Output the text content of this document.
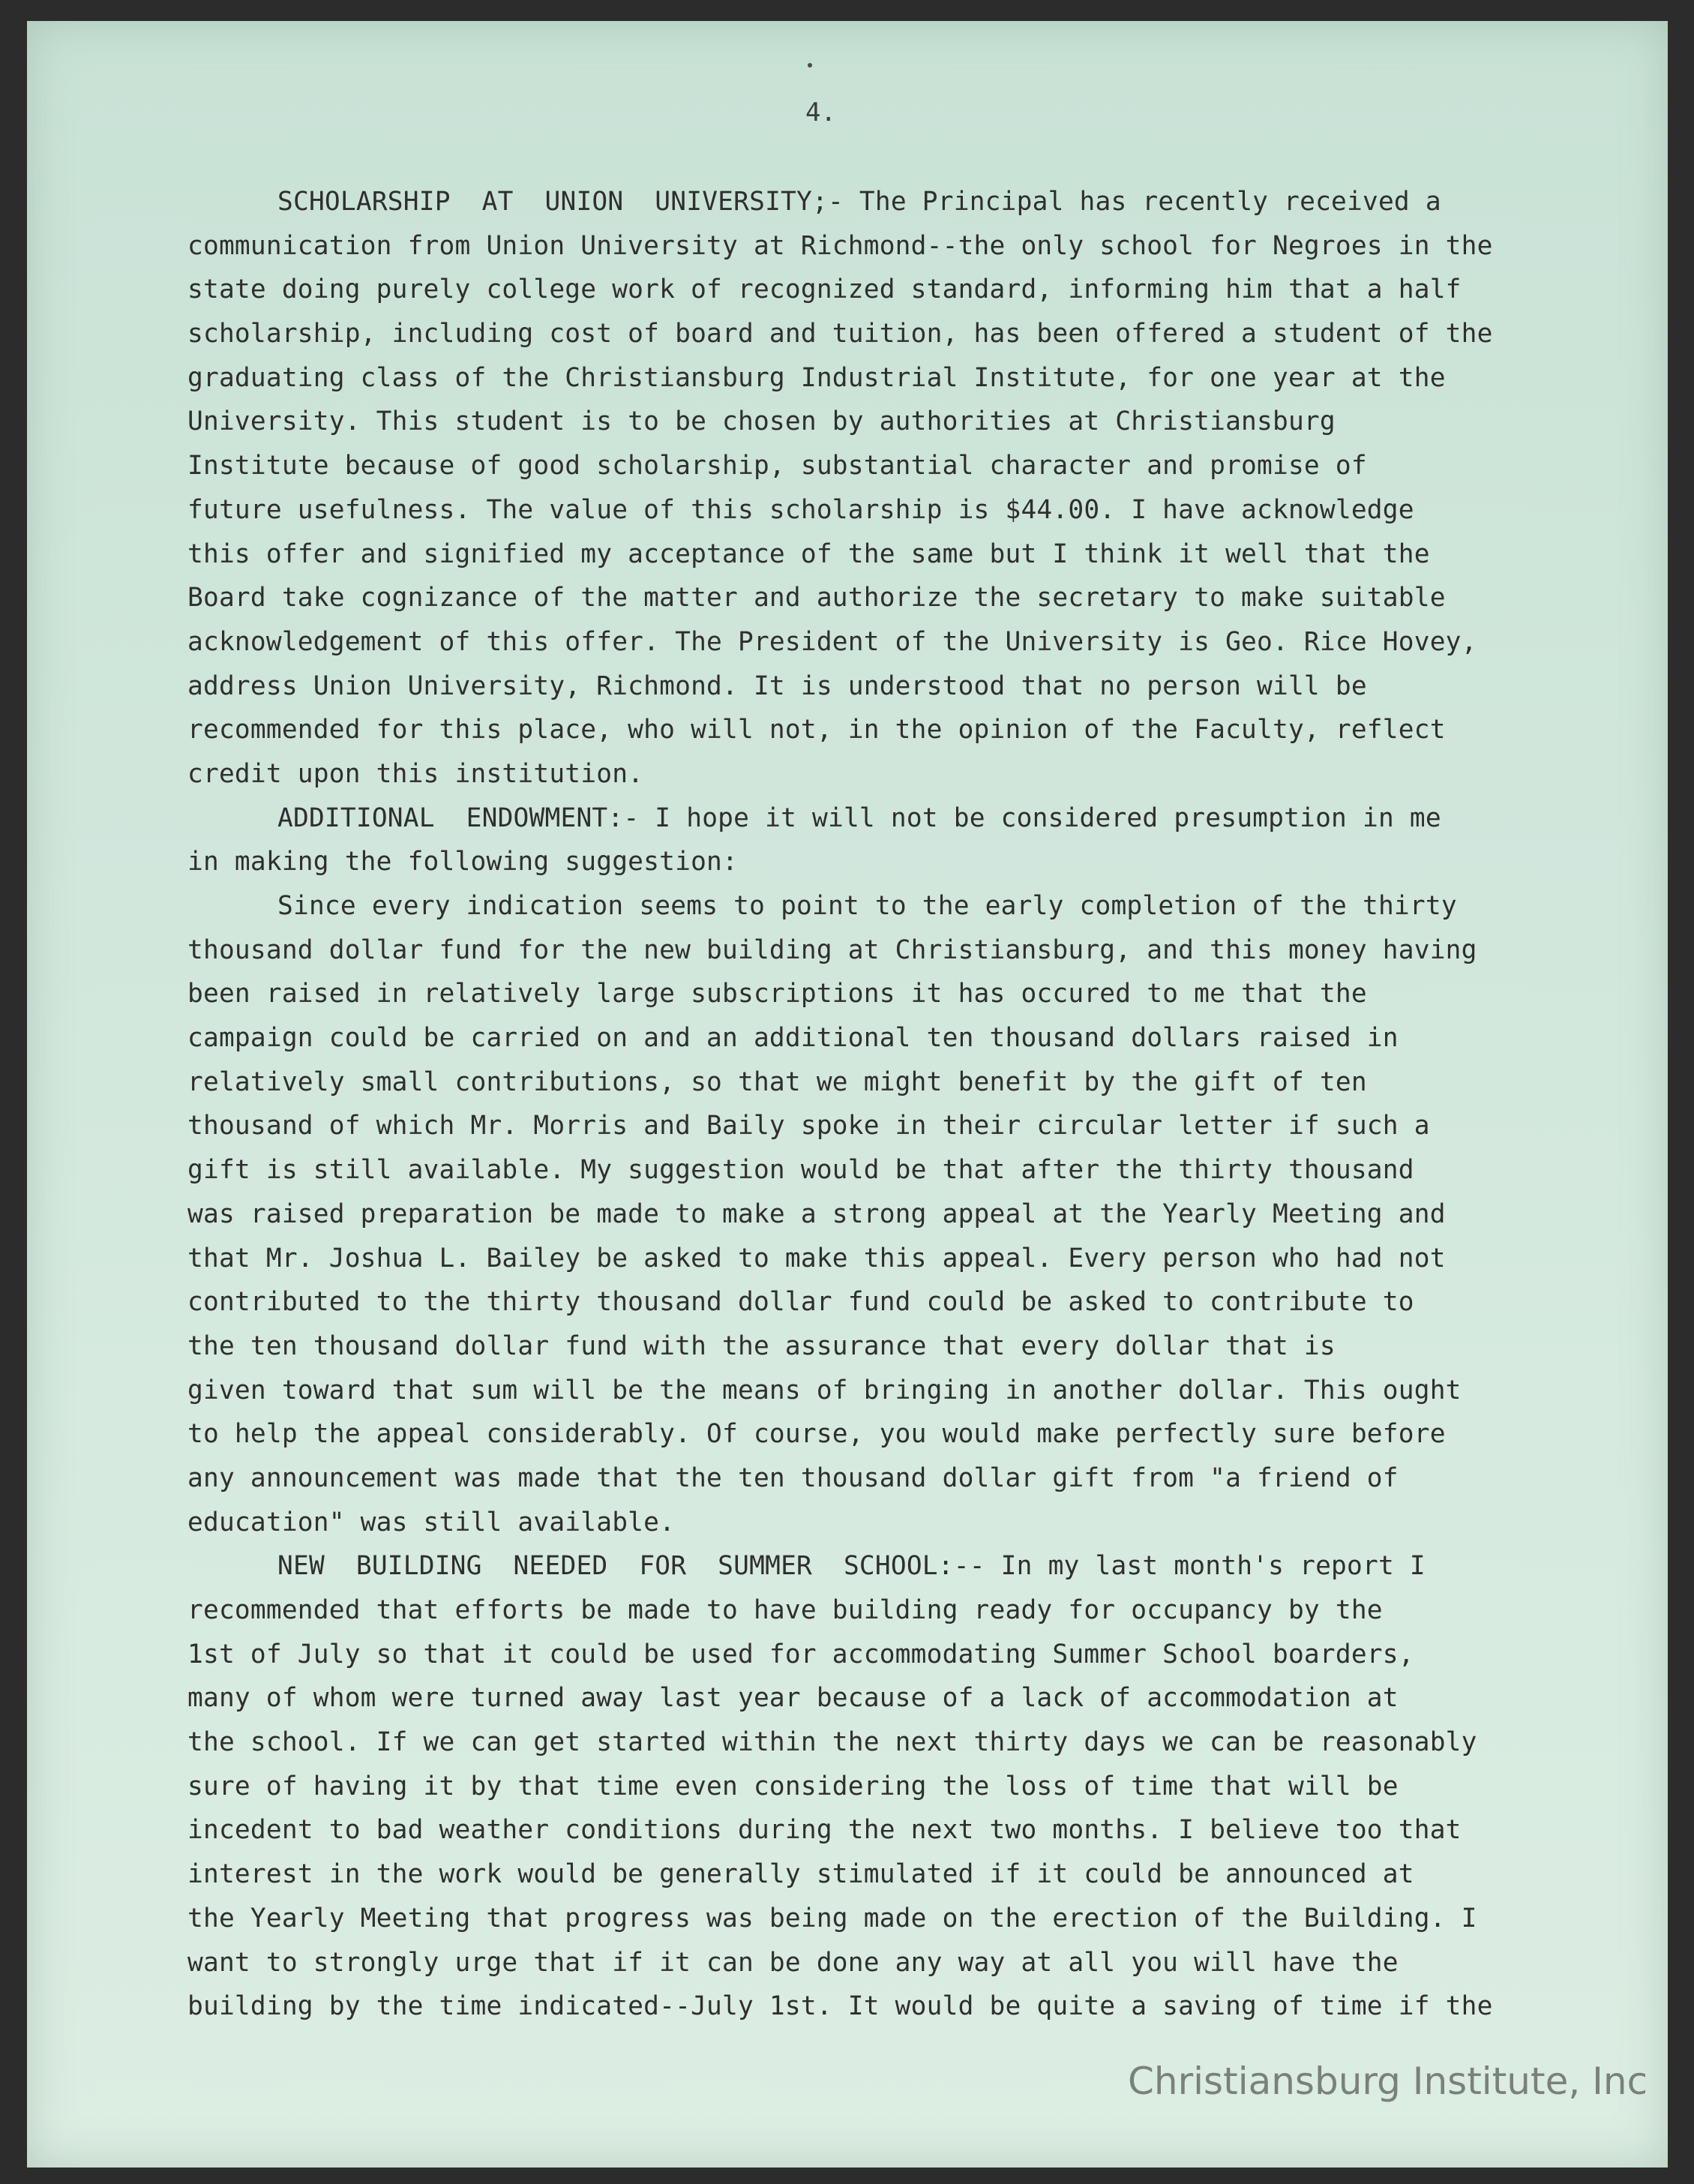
4.
SCHOLARSHIP  AT  UNION  UNIVERSITY;- The Principal has recently received a
communication from Union University at Richmond--the only school for Negroes in the
state doing purely college work of recognized standard, informing him that a half
scholarship, including cost of board and tuition, has been offered a student of the
graduating class of the Christiansburg Industrial Institute, for one year at the
University. This student is to be chosen by authorities at Christiansburg
Institute because of good scholarship, substantial character and promise of
future usefulness. The value of this scholarship is $44.00. I have acknowledge
this offer and signified my acceptance of the same but I think it well that the
Board take cognizance of the matter and authorize the secretary to make suitable
acknowledgement of this offer. The President of the University is Geo. Rice Hovey,
address Union University, Richmond. It is understood that no person will be
recommended for this place, who will not, in the opinion of the Faculty, reflect
credit upon this institution.
ADDITIONAL  ENDOWMENT:- I hope it will not be considered presumption in me
in making the following suggestion:
Since every indication seems to point to the early completion of the thirty
thousand dollar fund for the new building at Christiansburg, and this money having
been raised in relatively large subscriptions it has occured to me that the
campaign could be carried on and an additional ten thousand dollars raised in
relatively small contributions, so that we might benefit by the gift of ten
thousand of which Mr. Morris and Baily spoke in their circular letter if such a
gift is still available. My suggestion would be that after the thirty thousand
was raised preparation be made to make a strong appeal at the Yearly Meeting and
that Mr. Joshua L. Bailey be asked to make this appeal. Every person who had not
contributed to the thirty thousand dollar fund could be asked to contribute to
the ten thousand dollar fund with the assurance that every dollar that is
given toward that sum will be the means of bringing in another dollar. This ought
to help the appeal considerably. Of course, you would make perfectly sure before
any announcement was made that the ten thousand dollar gift from "a friend of
education" was still available.
NEW  BUILDING  NEEDED  FOR  SUMMER  SCHOOL:-- In my last month's report I
recommended that efforts be made to have building ready for occupancy by the
1st of July so that it could be used for accommodating Summer School boarders,
many of whom were turned away last year because of a lack of accommodation at
the school. If we can get started within the next thirty days we can be reasonably
sure of having it by that time even considering the loss of time that will be
incedent to bad weather conditions during the next two months. I believe too that
interest in the work would be generally stimulated if it could be announced at
the Yearly Meeting that progress was being made on the erection of the Building. I
want to strongly urge that if it can be done any way at all you will have the
building by the time indicated--July 1st. It would be quite a saving of time if the
Christiansburg Institute, Inc
